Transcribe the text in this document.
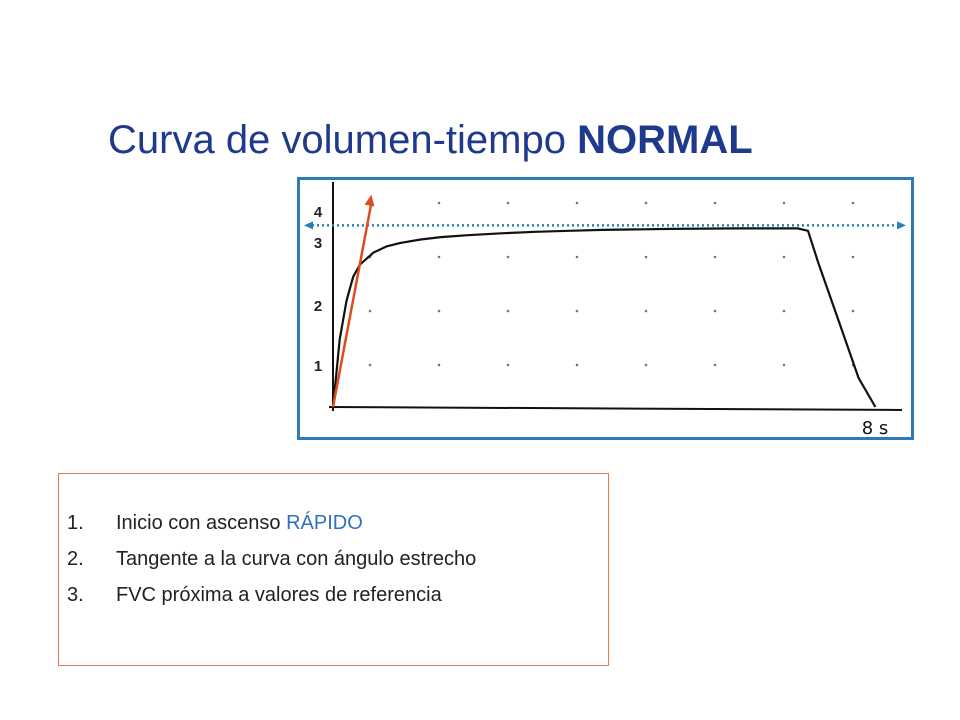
Curva de volumen-tiempo NORMAL
1
2
3
4
8 s
1. Inicio con ascenso RÁPIDO
2. Tangente a la curva con ángulo estrecho
3. FVC próxima a valores de referencia
